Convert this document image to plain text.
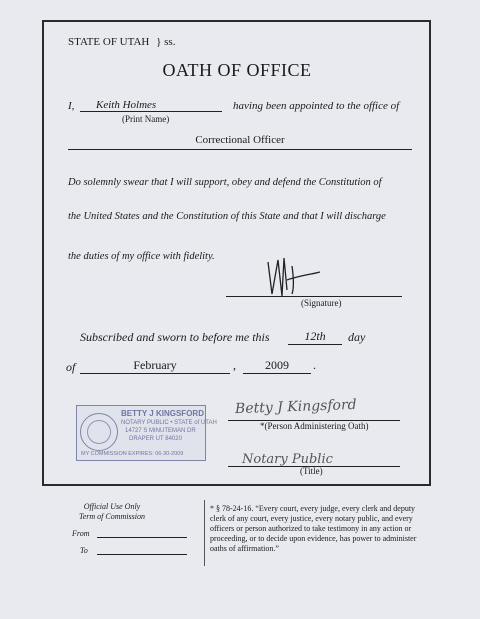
STATE OF UTAH } ss.
OATH OF OFFICE
I,	Keith Holmes	having been appointed to the office of
(Print Name)
Correctional Officer
Do solemnly swear that I will support, obey and defend the Constitution of
the United States and the Constitution of this State and that I will discharge
the duties of my office with fidelity.
(Signature)
Subscribed and sworn to before me this	12th	day
of	February	,	2009	.
BETTY J KINGSFORD
NOTARY PUBLIC • STATE of UTAH
14727 S MINUTEMAN DR
DRAPER UT 84020
MY COMMISSION EXPIRES: 06-30-2009
Betty J Kingsford
*(Person Administering Oath)
Notary Public
(Title)
Official Use Only
Term of Commission
From
To
* § 78-24-16. “Every court, every judge, every clerk and deputy clerk of any court, every justice, every notary public, and every officers or person authorized to take testimony in any action or proceeding, or to decide upon evidence, has power to administer oaths of affirmation.”
